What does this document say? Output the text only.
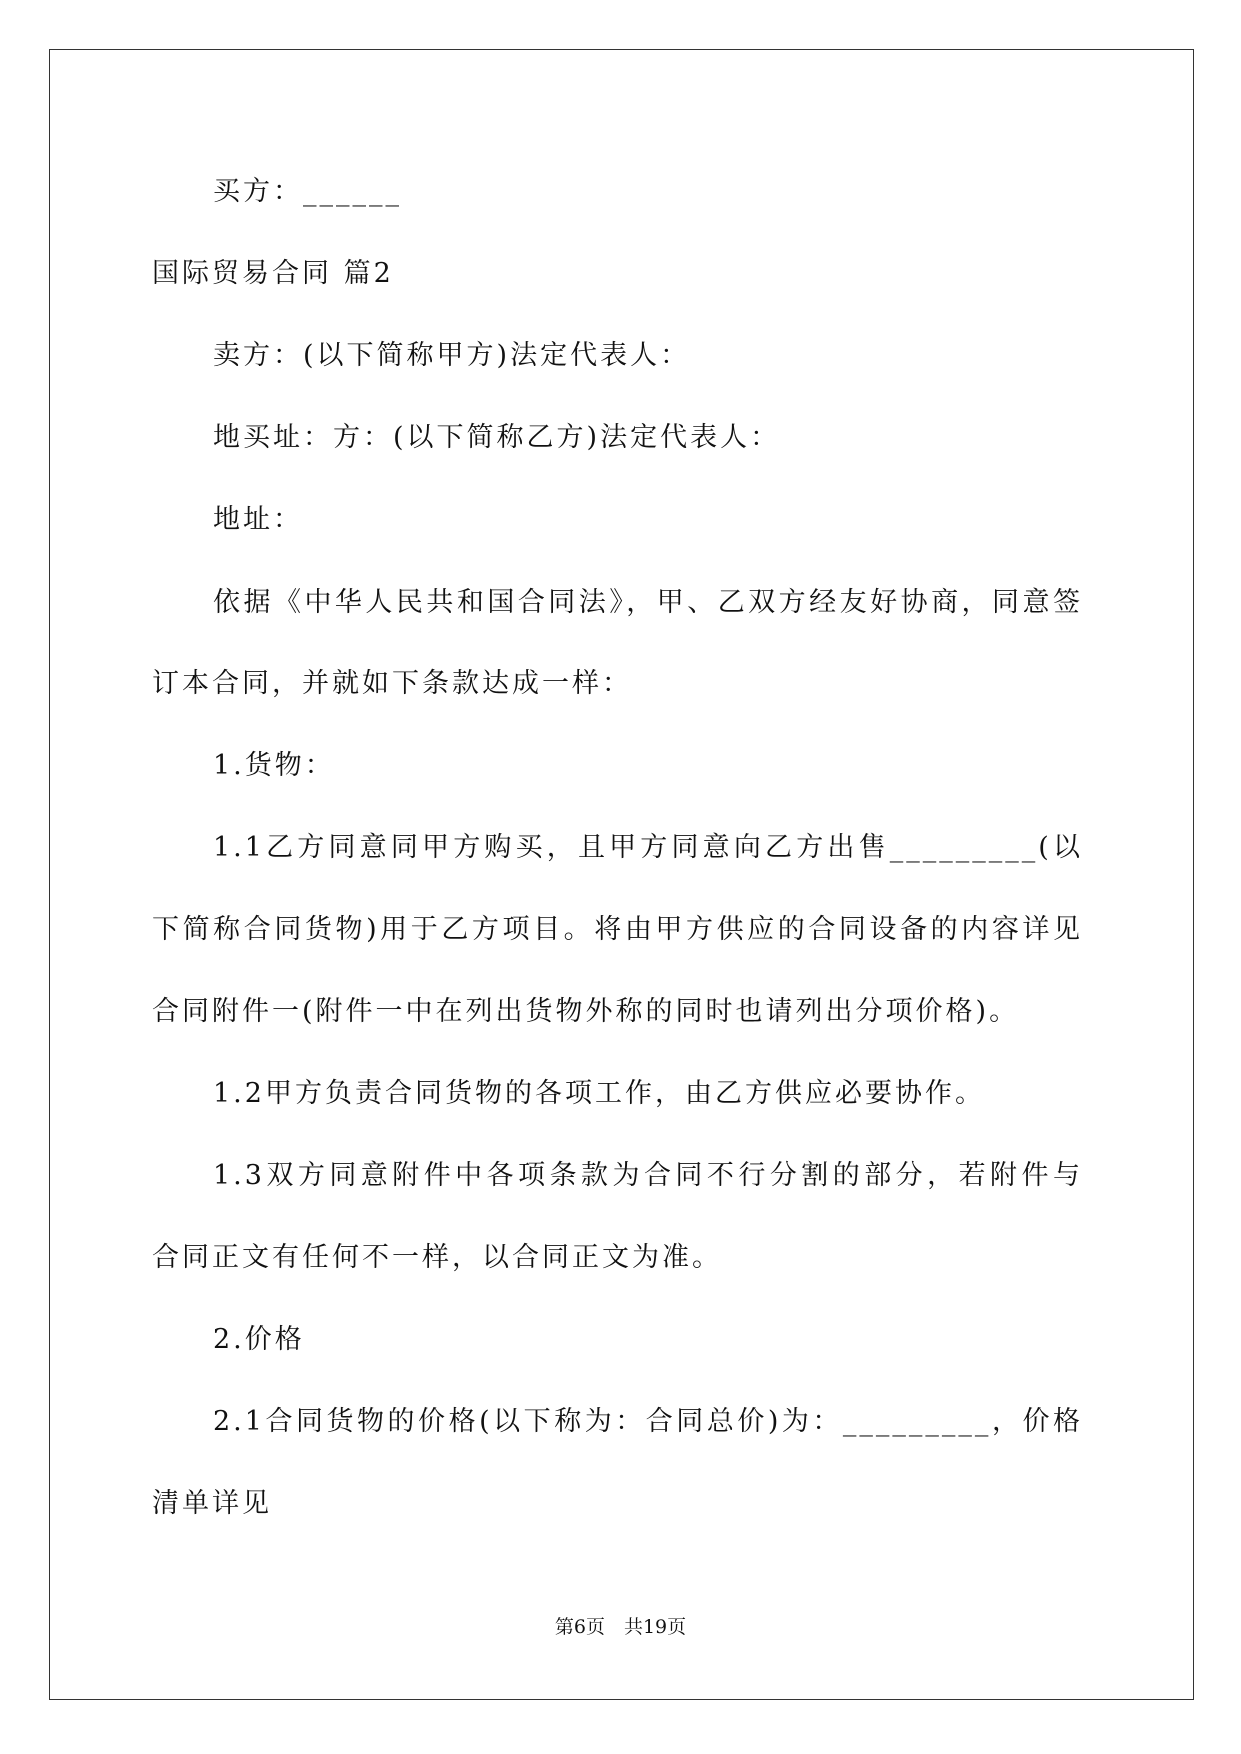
买方：______
国际贸易合同 篇2
卖方：(以下简称甲方)法定代表人：
地买址：方：(以下简称乙方)法定代表人：
地址：
依据《中华人民共和国合同法》，甲、乙双方经友好协商，同意签
订本合同，并就如下条款达成一样：
1.货物：
1.1乙方同意同甲方购买，且甲方同意向乙方出售_________(以
下简称合同货物)用于乙方项目。将由甲方供应的合同设备的内容详见
合同附件一(附件一中在列出货物外称的同时也请列出分项价格)。
1.2甲方负责合同货物的各项工作，由乙方供应必要协作。
1.3双方同意附件中各项条款为合同不行分割的部分，若附件与
合同正文有任何不一样，以合同正文为准。
2.价格
2.1合同货物的价格(以下称为：合同总价)为：_________，价格
清单详见
第6页　共19页
